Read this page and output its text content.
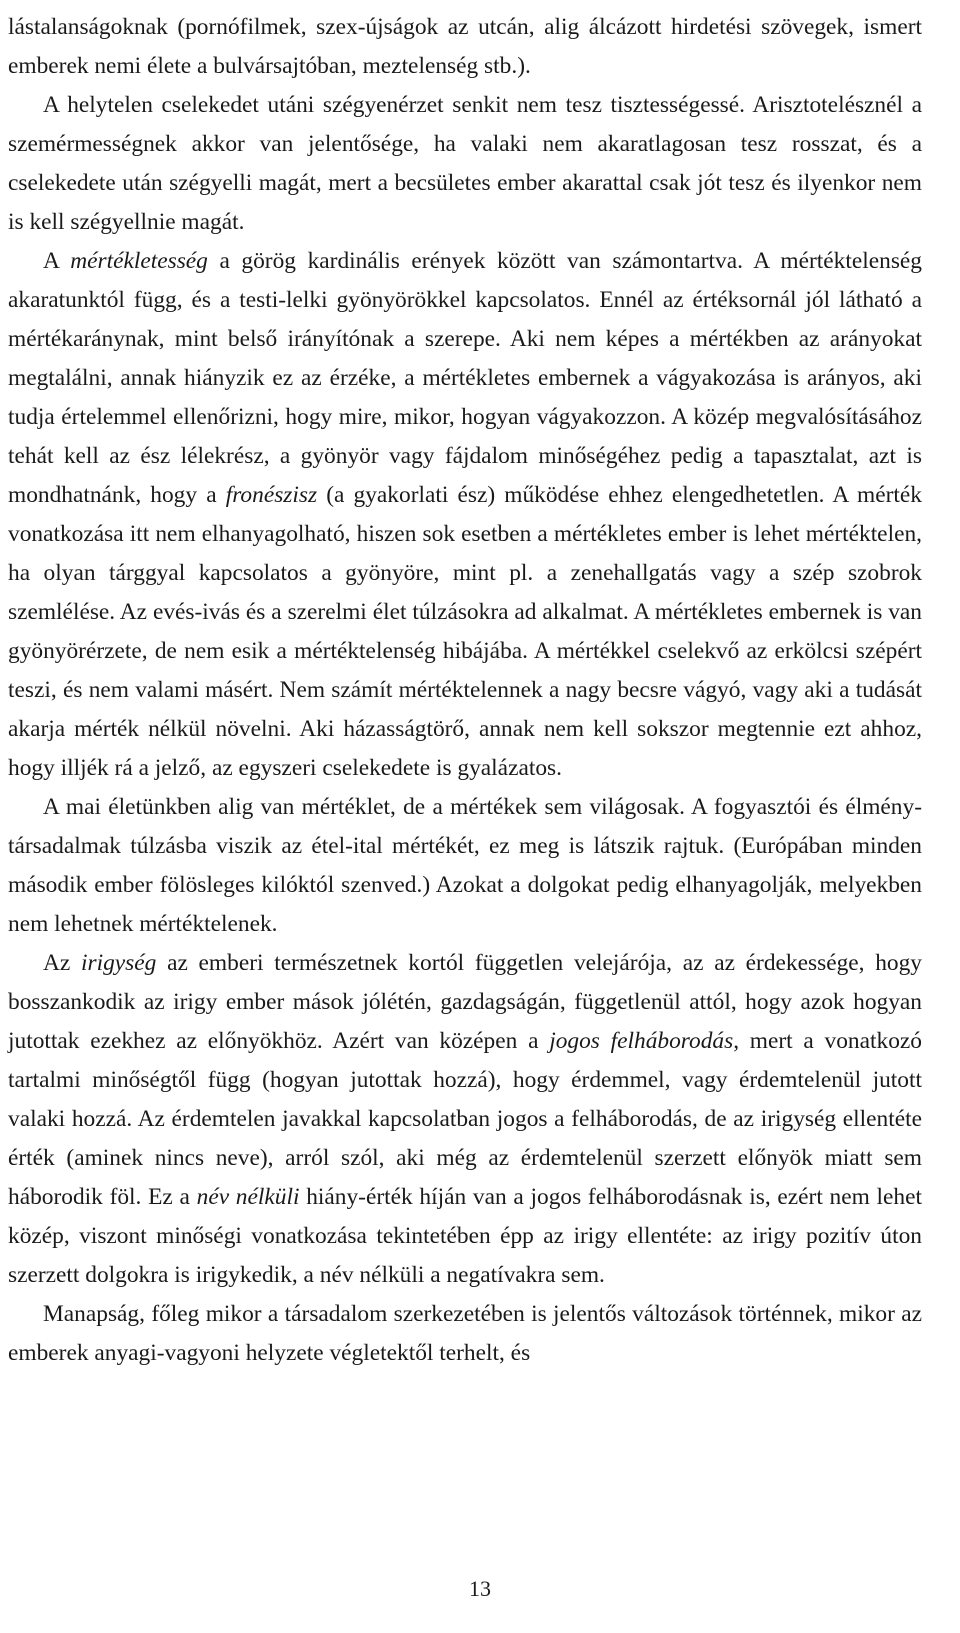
lástalanságoknak (pornófilmek, szex-újságok az utcán, alig álcázott hirdetési szövegek, ismert emberek nemi élete a bulvársajtóban, meztelenség stb.).

A helytelen cselekedet utáni szégyenérzet senkit nem tesz tisztességessé. Arisztotelésznél a szemérmességnek akkor van jelentősége, ha valaki nem akaratlagosan tesz rosszat, és a cselekedete után szégyelli magát, mert a becsületes ember akarattal csak jót tesz és ilyenkor nem is kell szégyellnie magát.

A mértékletesség a görög kardinális erények között van számontartva. A mértéktelenség akaratunktól függ, és a testi-lelki gyönyörökkel kapcsolatos. Ennél az értéksornál jól látható a mértékaránynak, mint belső irányítónak a szerepe. Aki nem képes a mértékben az arányokat megtalálni, annak hiányzik ez az érzéke, a mértékletes embernek a vágyakozása is arányos, aki tudja értelemmel ellenőrizni, hogy mire, mikor, hogyan vágyakozzon. A közép megvalósításához tehát kell az ész lélekrész, a gyönyör vagy fájdalom minőségéhez pedig a tapasztalat, azt is mondhatnánk, hogy a fronészisz (a gyakorlati ész) működése ehhez elengedhetetlen. A mérték vonatkozása itt nem elhanyagolható, hiszen sok esetben a mértékletes ember is lehet mértéktelen, ha olyan tárggyal kapcsolatos a gyönyöre, mint pl. a zenehallgatás vagy a szép szobrok szemlélése. Az evés-ivás és a szerelmi élet túlzásokra ad alkalmat. A mértékletes embernek is van gyönyörérzete, de nem esik a mértéktelenség hibájába. A mértékkel cselekvő az erkölcsi szépért teszi, és nem valami másért. Nem számít mértéktelennek a nagy becsre vágyó, vagy aki a tudását akarja mérték nélkül növelni. Aki házasságtörő, annak nem kell sokszor megtennie ezt ahhoz, hogy illjék rá a jelző, az egyszeri cselekedete is gyalázatos.

A mai életünkben alig van mértéklet, de a mértékek sem világosak. A fogyasztói és élmény-társadalmak túlzásba viszik az étel-ital mértékét, ez meg is látszik rajtuk. (Európában minden második ember fölösleges kilóktól szenved.) Azokat a dolgokat pedig elhanyagolják, melyekben nem lehetnek mértéktelenek.

Az irigység az emberi természetnek kortól független velejárója, az az érdekessége, hogy bosszankodik az irigy ember mások jólétén, gazdagságán, függetlenül attól, hogy azok hogyan jutottak ezekhez az előnyökhöz. Azért van középen a jogos felháborodás, mert a vonatkozó tartalmi minőségtől függ (hogyan jutottak hozzá), hogy érdemmel, vagy érdemtelenül jutott valaki hozzá. Az érdemtelen javakkal kapcsolatban jogos a felháborodás, de az irigység ellentéte érték (aminek nincs neve), arról szól, aki még az érdemtelenül szerzett előnyök miatt sem háborodik föl. Ez a név nélküli hiány-érték híján van a jogos felháborodásnak is, ezért nem lehet közép, viszont minőségi vonatkozása tekintetében épp az irigy ellentéte: az irigy pozitív úton szerzett dolgokra is irigykedik, a név nélküli a negatívakra sem.

Manapság, főleg mikor a társadalom szerkezetében is jelentős változások történnek, mikor az emberek anyagi-vagyoni helyzete végletektől terhelt, és

13
